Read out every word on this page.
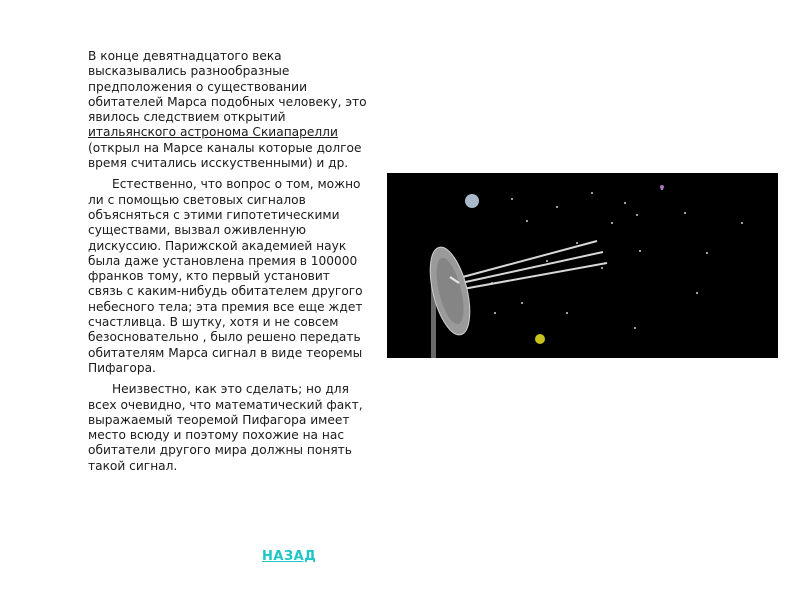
В конце девятнадцатого века высказывались разнообразные предположения о существовании обитателей Марса подобных человеку, это явилось следствием открытий итальянского астронома Скиапарелли (открыл на Марсе каналы которые долгое время считались исскуственными) и др.

Естественно, что вопрос о том, можно ли с помощью световых сигналов объясняться с этими гипотетическими существами, вызвал оживленную дискуссию. Парижской академией наук была даже установлена премия в 100000 франков тому, кто первый установит связь с каким-нибудь обитателем другого небесного тела; эта премия все еще ждет счастливца. В шутку, хотя и не совсем безосновательно , было решено передать обитателям Марса сигнал в виде теоремы Пифагора.

Неизвестно, как это сделать; но для всех очевидно, что математический факт, выражаемый теоремой Пифагора имеет место всюду и поэтому похожие на нас обитатели другого мира должны понять такой сигнал.

НАЗАД
